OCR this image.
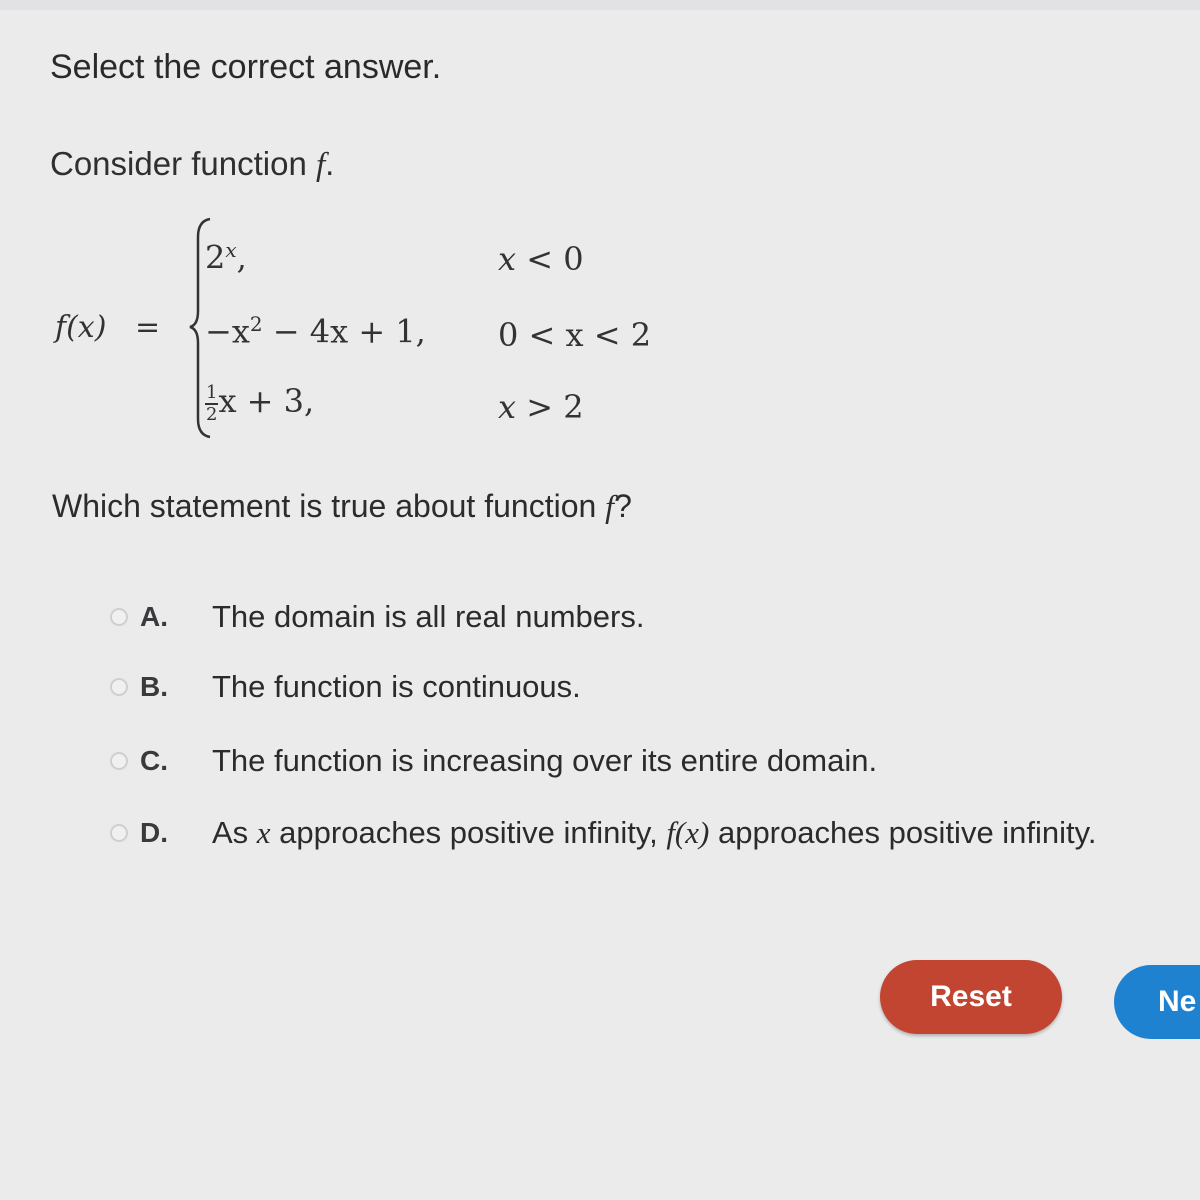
Select the correct answer.
Consider function f.
f(x) =
$2^x$,	x < 0
$-x^2 - 4x + 1$, 0 < x < 2
$\frac{1}{2}$ x + 3,	x > 2
Which statement is true about function f?
A.	The domain is all real numbers.
B.	The function is continuous.
C.	The function is increasing over its entire domain.
D.	As x approaches positive infinity, f(x) approaches positive infinity.
Reset	Ne
